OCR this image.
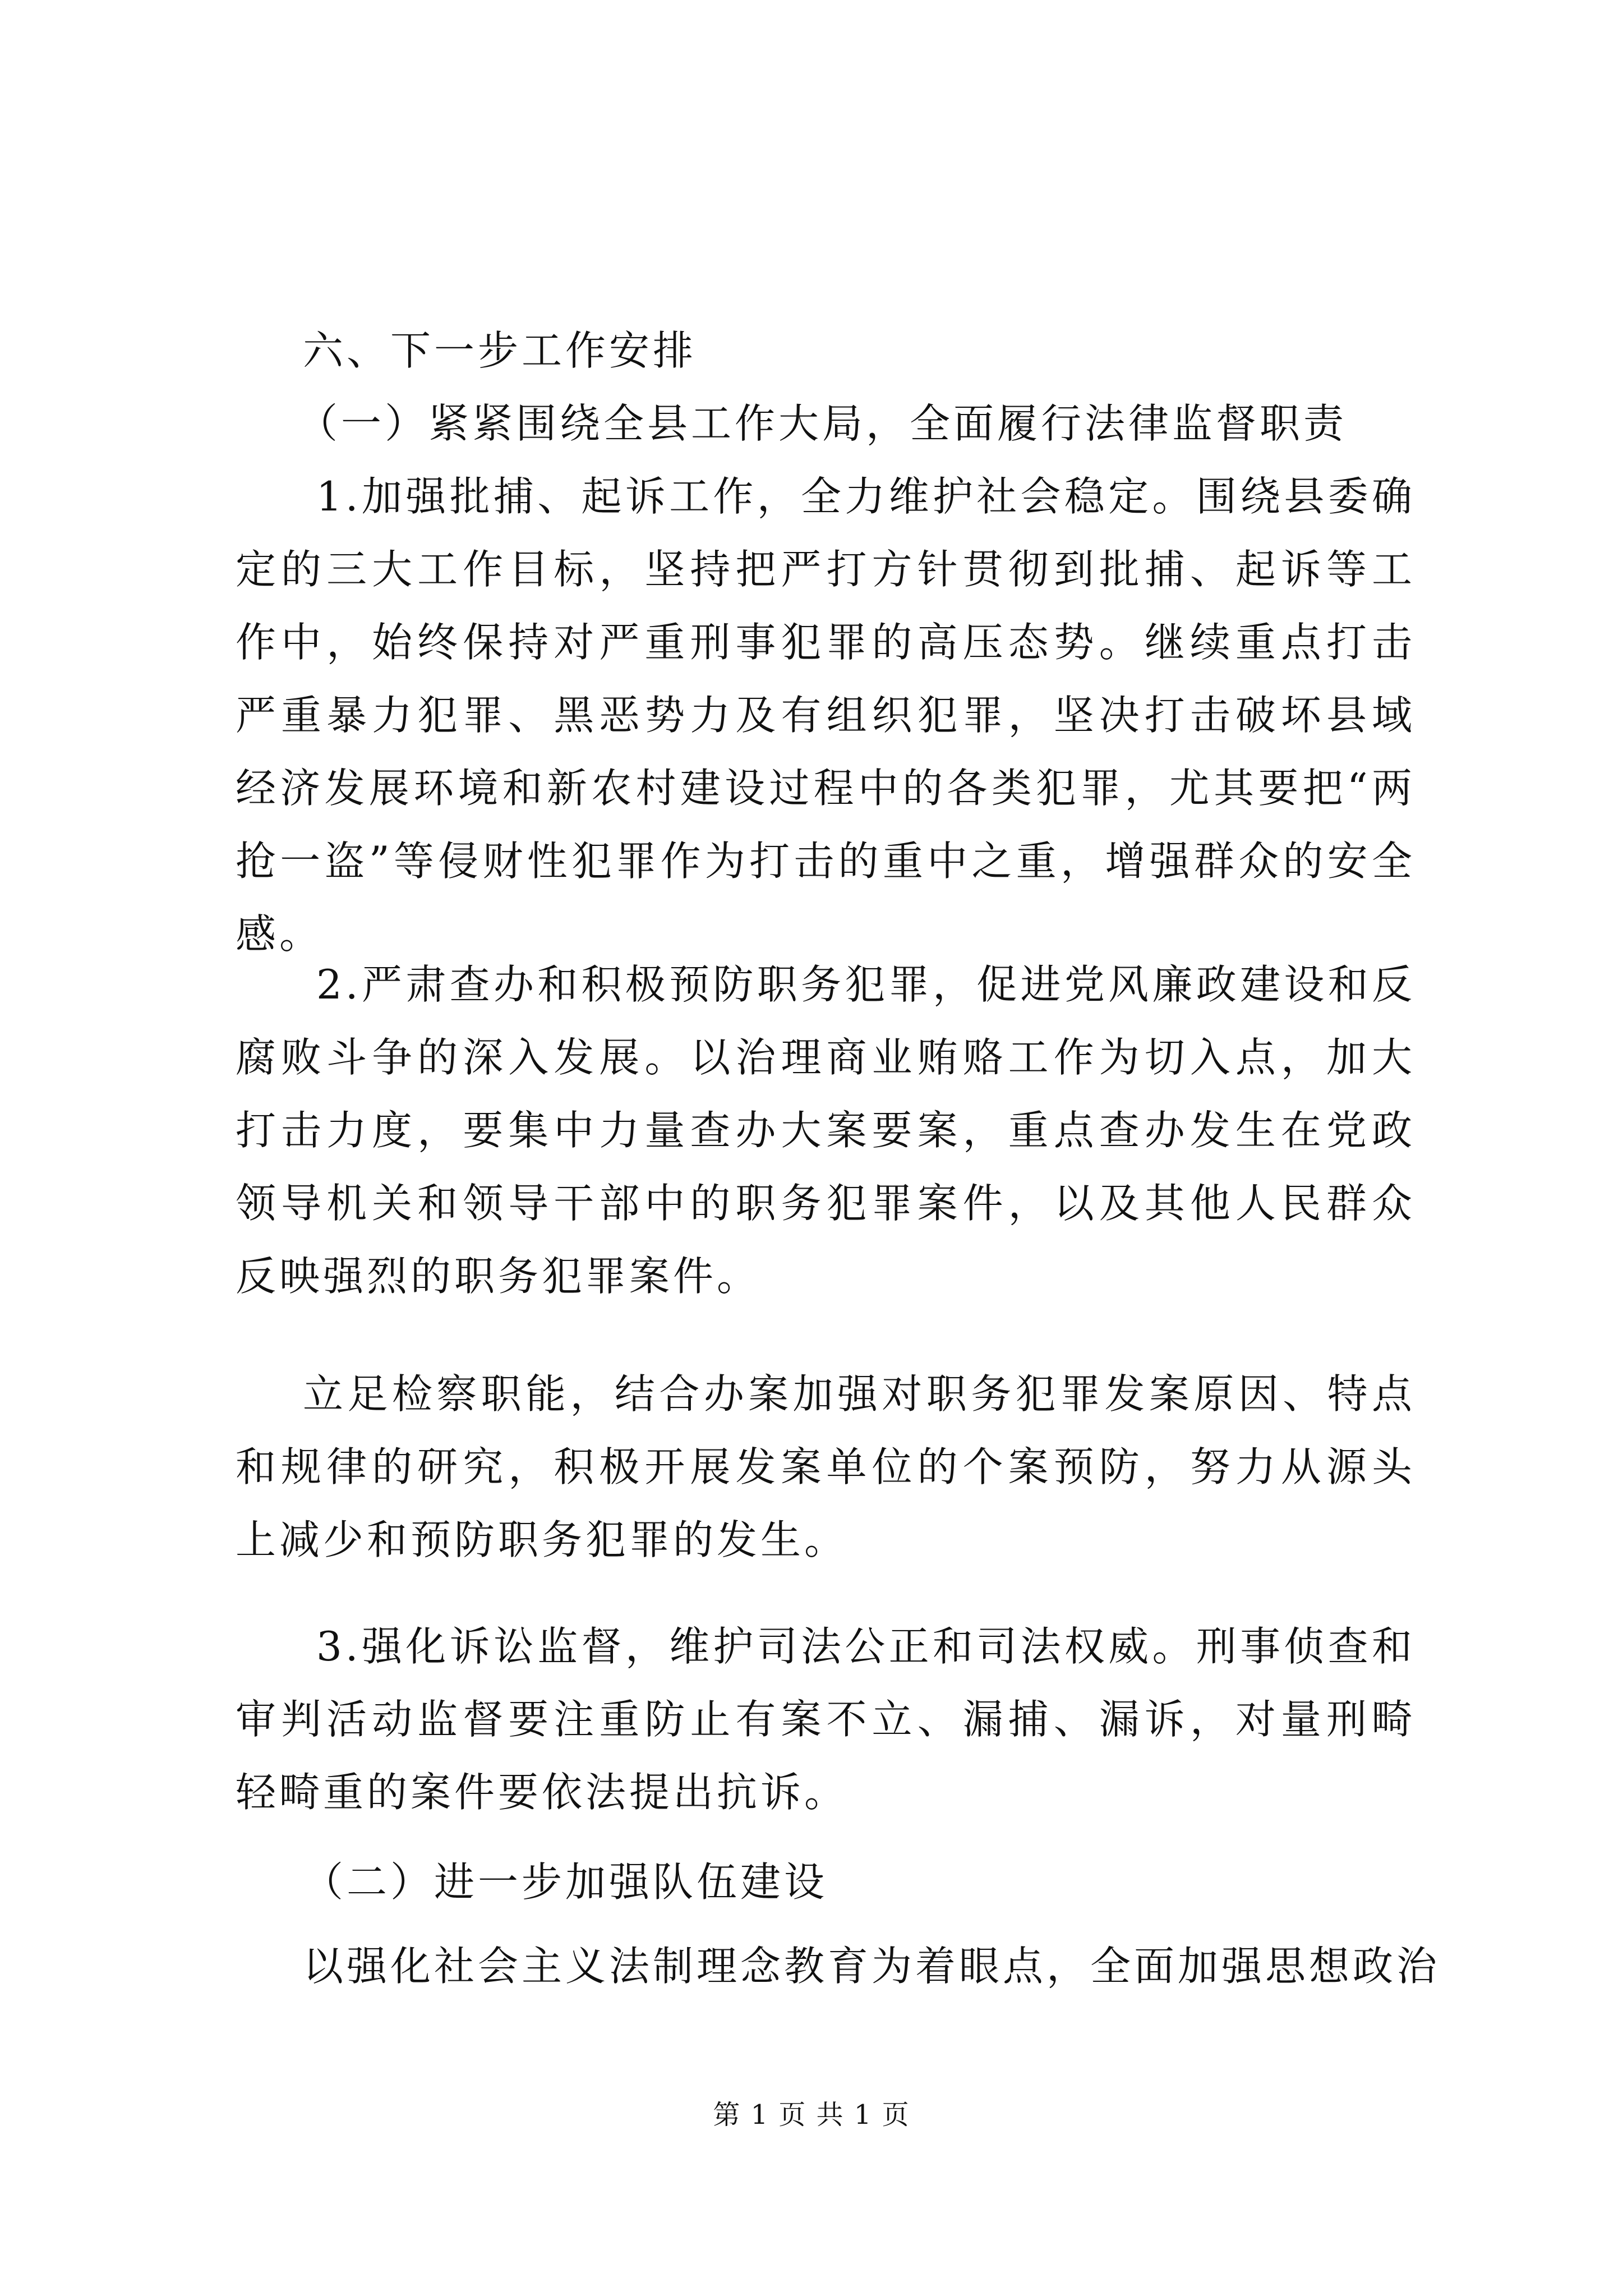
六、下一步工作安排

（一）紧紧围绕全县工作大局，全面履行法律监督职责

1.加强批捕、起诉工作，全力维护社会稳定。围绕县委确定的三大工作目标，坚持把严打方针贯彻到批捕、起诉等工作中，始终保持对严重刑事犯罪的高压态势。继续重点打击严重暴力犯罪、黑恶势力及有组织犯罪，坚决打击破坏县域经济发展环境和新农村建设过程中的各类犯罪，尤其要把“两抢一盗”等侵财性犯罪作为打击的重中之重，增强群众的安全感。

2.严肃查办和积极预防职务犯罪，促进党风廉政建设和反腐败斗争的深入发展。以治理商业贿赂工作为切入点，加大打击力度，要集中力量查办大案要案，重点查办发生在党政领导机关和领导干部中的职务犯罪案件，以及其他人民群众反映强烈的职务犯罪案件。

立足检察职能，结合办案加强对职务犯罪发案原因、特点和规律的研究，积极开展发案单位的个案预防，努力从源头上减少和预防职务犯罪的发生。

3.强化诉讼监督，维护司法公正和司法权威。刑事侦查和审判活动监督要注重防止有案不立、漏捕、漏诉，对量刑畸轻畸重的案件要依法提出抗诉。

（二）进一步加强队伍建设

以强化社会主义法制理念教育为着眼点，全面加强思想政治

第 1 页 共 1 页
